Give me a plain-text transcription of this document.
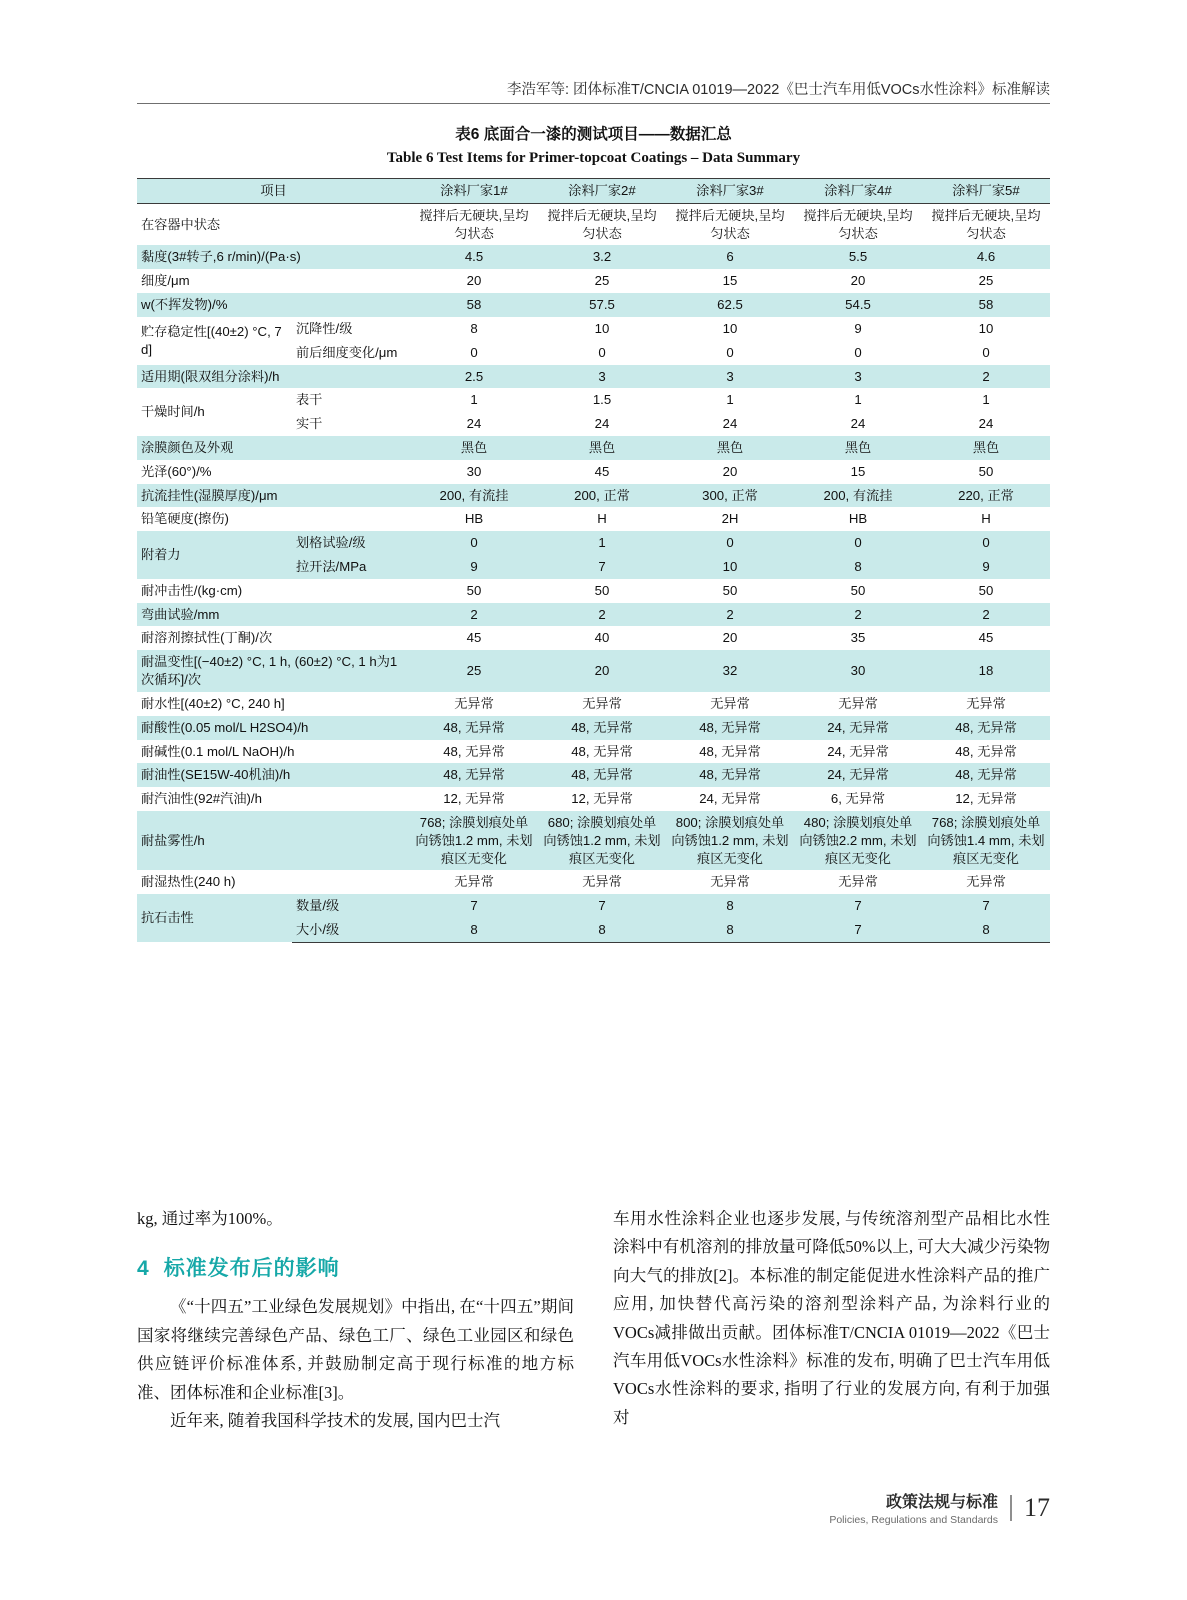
李浩军等: 团体标准T/CNCIA 01019—2022《巴士汽车用低VOCs水性涂料》标准解读
表6 底面合一漆的测试项目——数据汇总
Table 6 Test Items for Primer-topcoat Coatings – Data Summary
项目		涂料厂家1#	涂料厂家2#	涂料厂家3#	涂料厂家4#	涂料厂家5#
在容器中状态		搅拌后无硬块,呈均匀状态	搅拌后无硬块,呈均匀状态	搅拌后无硬块,呈均匀状态	搅拌后无硬块,呈均匀状态	搅拌后无硬块,呈均匀状态
黏度(3#转子,6 r/min)/(Pa·s)		4.5	3.2	6	5.5	4.6
细度/μm		20	25	15	20	25
w(不挥发物)/%		58	57.5	62.5	54.5	58
贮存稳定性[(40±2) °C, 7 d]	沉降性/级	8	10	10	9	10
	前后细度变化/μm	0	0	0	0	0
适用期(限双组分涂料)/h		2.5	3	3	3	2
干燥时间/h	表干	1	1.5	1	1	1
	实干	24	24	24	24	24
涂膜颜色及外观		黑色	黑色	黑色	黑色	黑色
光泽(60°)/%		30	45	20	15	50
抗流挂性(湿膜厚度)/μm		200, 有流挂	200, 正常	300, 正常	200, 有流挂	220, 正常
铅笔硬度(擦伤)		HB	H	2H	HB	H
附着力	划格试验/级	0	1	0	0	0
	拉开法/MPa	9	7	10	8	9
耐冲击性/(kg·cm)		50	50	50	50	50
弯曲试验/mm		2	2	2	2	2
耐溶剂擦拭性(丁酮)/次		45	40	20	35	45
耐温变性[(−40±2) °C, 1 h, (60±2) °C, 1 h为1次循环]/次		25	20	32	30	18
耐水性[(40±2) °C, 240 h]		无异常	无异常	无异常	无异常	无异常
耐酸性(0.05 mol/L H2SO4)/h		48, 无异常	48, 无异常	48, 无异常	24, 无异常	48, 无异常
耐碱性(0.1 mol/L NaOH)/h		48, 无异常	48, 无异常	48, 无异常	24, 无异常	48, 无异常
耐油性(SE15W-40机油)/h		48, 无异常	48, 无异常	48, 无异常	24, 无异常	48, 无异常
耐汽油性(92#汽油)/h		12, 无异常	12, 无异常	24, 无异常	6, 无异常	12, 无异常
耐盐雾性/h		768; 涂膜划痕处单向锈蚀1.2 mm, 未划痕区无变化	680; 涂膜划痕处单向锈蚀1.2 mm, 未划痕区无变化	800; 涂膜划痕处单向锈蚀1.2 mm, 未划痕区无变化	480; 涂膜划痕处单向锈蚀2.2 mm, 未划痕区无变化	768; 涂膜划痕处单向锈蚀1.4 mm, 未划痕区无变化
耐湿热性(240 h)		无异常	无异常	无异常	无异常	无异常
抗石击性	数量/级	7	7	8	7	7
	大小/级	8	8	8	7	8
kg, 通过率为100%。
4 标准发布后的影响
《“十四五”工业绿色发展规划》中指出, 在“十四五”期间国家将继续完善绿色产品、绿色工厂、绿色工业园区和绿色供应链评价标准体系, 并鼓励制定高于现行标准的地方标准、团体标准和企业标准[3]。
近年来, 随着我国科学技术的发展, 国内巴士汽
车用水性涂料企业也逐步发展, 与传统溶剂型产品相比水性涂料中有机溶剂的排放量可降低50%以上, 可大大减少污染物向大气的排放[2]。本标准的制定能促进水性涂料产品的推广应用, 加快替代高污染的溶剂型涂料产品, 为涂料行业的VOCs减排做出贡献。团体标准T/CNCIA 01019—2022《巴士汽车用低VOCs水性涂料》标准的发布, 明确了巴士汽车用低VOCs水性涂料的要求, 指明了行业的发展方向, 有利于加强对
政策法规与标准
Policies, Regulations and Standards	17
